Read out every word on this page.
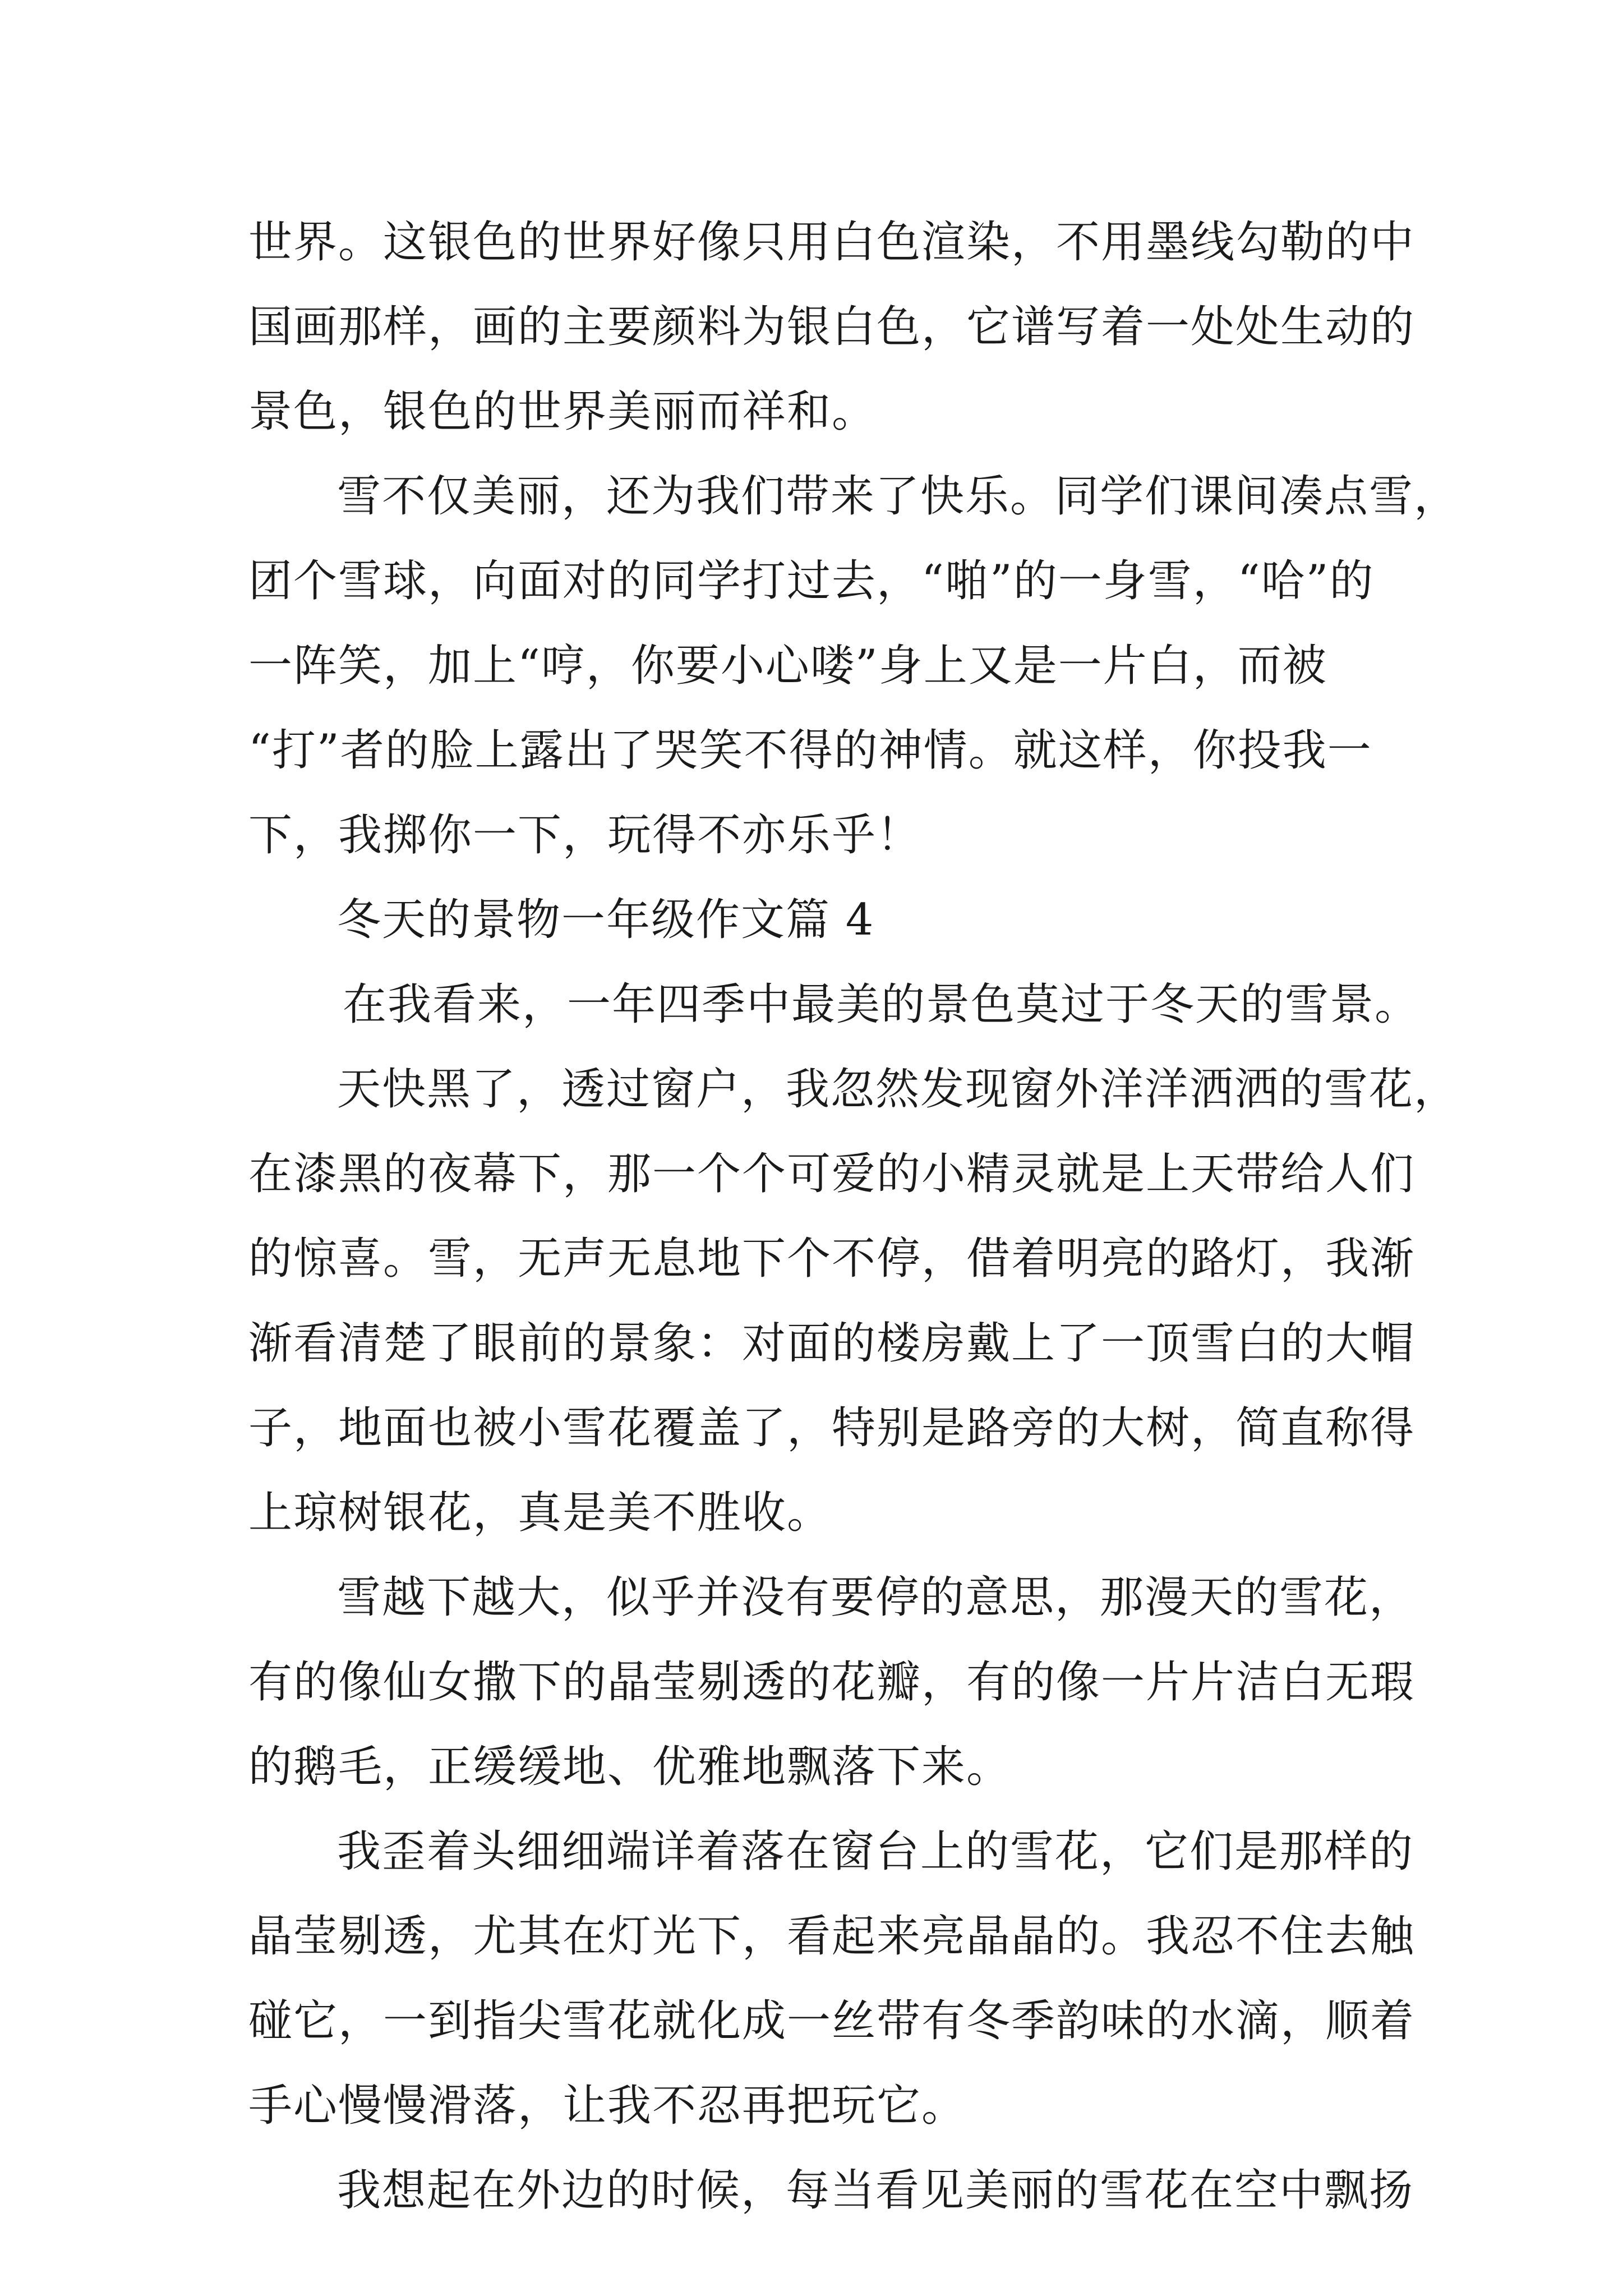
世界。这银色的世界好像只用白色渲染，不用墨线勾勒的中
国画那样，画的主要颜料为银白色，它谱写着一处处生动的
景色，银色的世界美丽而祥和。
雪不仅美丽，还为我们带来了快乐。同学们课间凑点雪，
团个雪球，向面对的同学打过去，“啪”的一身雪，“哈”的
一阵笑，加上“哼，你要小心喽”身上又是一片白，而被
“打”者的脸上露出了哭笑不得的神情。就这样，你投我一
下，我掷你一下，玩得不亦乐乎！
冬天的景物一年级作文篇 4
在我看来，一年四季中最美的景色莫过于冬天的雪景。
天快黑了，透过窗户，我忽然发现窗外洋洋洒洒的雪花，
在漆黑的夜幕下，那一个个可爱的小精灵就是上天带给人们
的惊喜。雪，无声无息地下个不停，借着明亮的路灯，我渐
渐看清楚了眼前的景象：对面的楼房戴上了一顶雪白的大帽
子，地面也被小雪花覆盖了，特别是路旁的大树，简直称得
上琼树银花，真是美不胜收。
雪越下越大，似乎并没有要停的意思，那漫天的雪花，
有的像仙女撒下的晶莹剔透的花瓣，有的像一片片洁白无瑕
的鹅毛，正缓缓地、优雅地飘落下来。
我歪着头细细端详着落在窗台上的雪花，它们是那样的
晶莹剔透，尤其在灯光下，看起来亮晶晶的。我忍不住去触
碰它，一到指尖雪花就化成一丝带有冬季韵味的水滴，顺着
手心慢慢滑落，让我不忍再把玩它。
我想起在外边的时候，每当看见美丽的雪花在空中飘扬
